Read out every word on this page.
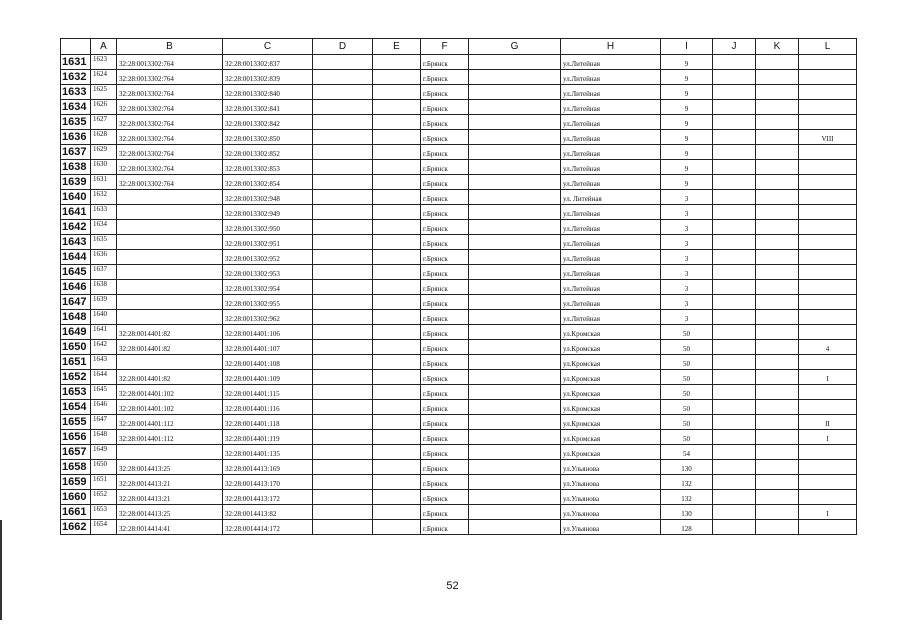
	A	B	C	D	E	F	G	H	I	J	K	L
1631	1623	32:28:0013302:764	32:28:0013302:837			г.Брянск		ул.Литейная	9			
1632	1624	32:28:0013302:764	32:28:0013302:839			г.Брянск		ул.Литейная	9			
1633	1625	32:28:0013302:764	32:28:0013302:840			г.Брянск		ул.Литейная	9			
1634	1626	32:28:0013302:764	32:28:0013302:841			г.Брянск		ул.Литейная	9			
1635	1627	32:28:0013302:764	32:28:0013302:842			г.Брянск		ул.Литейная	9			
1636	1628	32:28:0013302:764	32:28:0013302:850			г.Брянск		ул.Литейная	9			VIII
1637	1629	32:28:0013302:764	32:28:0013302:852			г.Брянск		ул.Литейная	9			
1638	1630	32:28:0013302:764	32:28:0013302:853			г.Брянск		ул.Литейная	9			
1639	1631	32:28:0013302:764	32:28:0013302:854			г.Брянск		ул.Литейная	9			
1640	1632		32:28:0013302:948			г.Брянск		ул. Литейная	3			
1641	1633		32:28:0013302:949			г.Брянск		ул.Литейная	3			
1642	1634		32:28:0013302:950			г.Брянск		ул.Литейная	3			
1643	1635		32:28:0013302:951			г.Брянск		ул.Литейная	3			
1644	1636		32:28:0013302:952			г.Брянск		ул.Литейная	3			
1645	1637		32:28:0013302:953			г.Брянск		ул.Литейная	3			
1646	1638		32:28:0013302:954			г.Брянск		ул.Литейная	3			
1647	1639		32:28:0013302:955			г.Брянск		ул.Литейная	3			
1648	1640		32:28:0013302:962			г.Брянск		ул.Литейная	3			
1649	1641	32:28:0014401:82	32:28:0014401:106			г.Брянск		ул.Кромская	50			
1650	1642	32:28:0014401:82	32:28:0014401:107			г.Брянск		ул.Кромская	50			4
1651	1643		32:28:0014401:108			г.Брянск		ул.Кромская	50			
1652	1644	32:28:0014401:82	32:28:0014401:109			г.Брянск		ул.Кромская	50			I
1653	1645	32:28:0014401:102	32:28:0014401:115			г.Брянск		ул.Кромская	50			
1654	1646	32:28:0014401:102	32:28:0014401:116			г.Брянск		ул.Кромская	50			
1655	1647	32:28:0014401:112	32:28:0014401:118			г.Брянск		ул.Кромская	50			II
1656	1648	32:28:0014401:112	32:28:0014401:119			г.Брянск		ул.Кромская	50			I
1657	1649		32:28:0014401:135			г.Брянск		ул.Кромская	54			
1658	1650	32:28:0014413:25	32:28:0014413:169			г.Брянск		ул.Ульянова	130			
1659	1651	32:28:0014413:21	32:28:0014413:170			г.Брянск		ул.Ульянова	132			
1660	1652	32:28:0014413:21	32:28:0014413:172			г.Брянск		ул.Ульянова	132			
1661	1653	32:28:0014413:25	32:28:0014413:82			г.Брянск		ул.Ульянова	130			I
1662	1654	32:28:0014414:41	32:28:0014414:172			г.Брянск		ул.Ульянова	128			
52
